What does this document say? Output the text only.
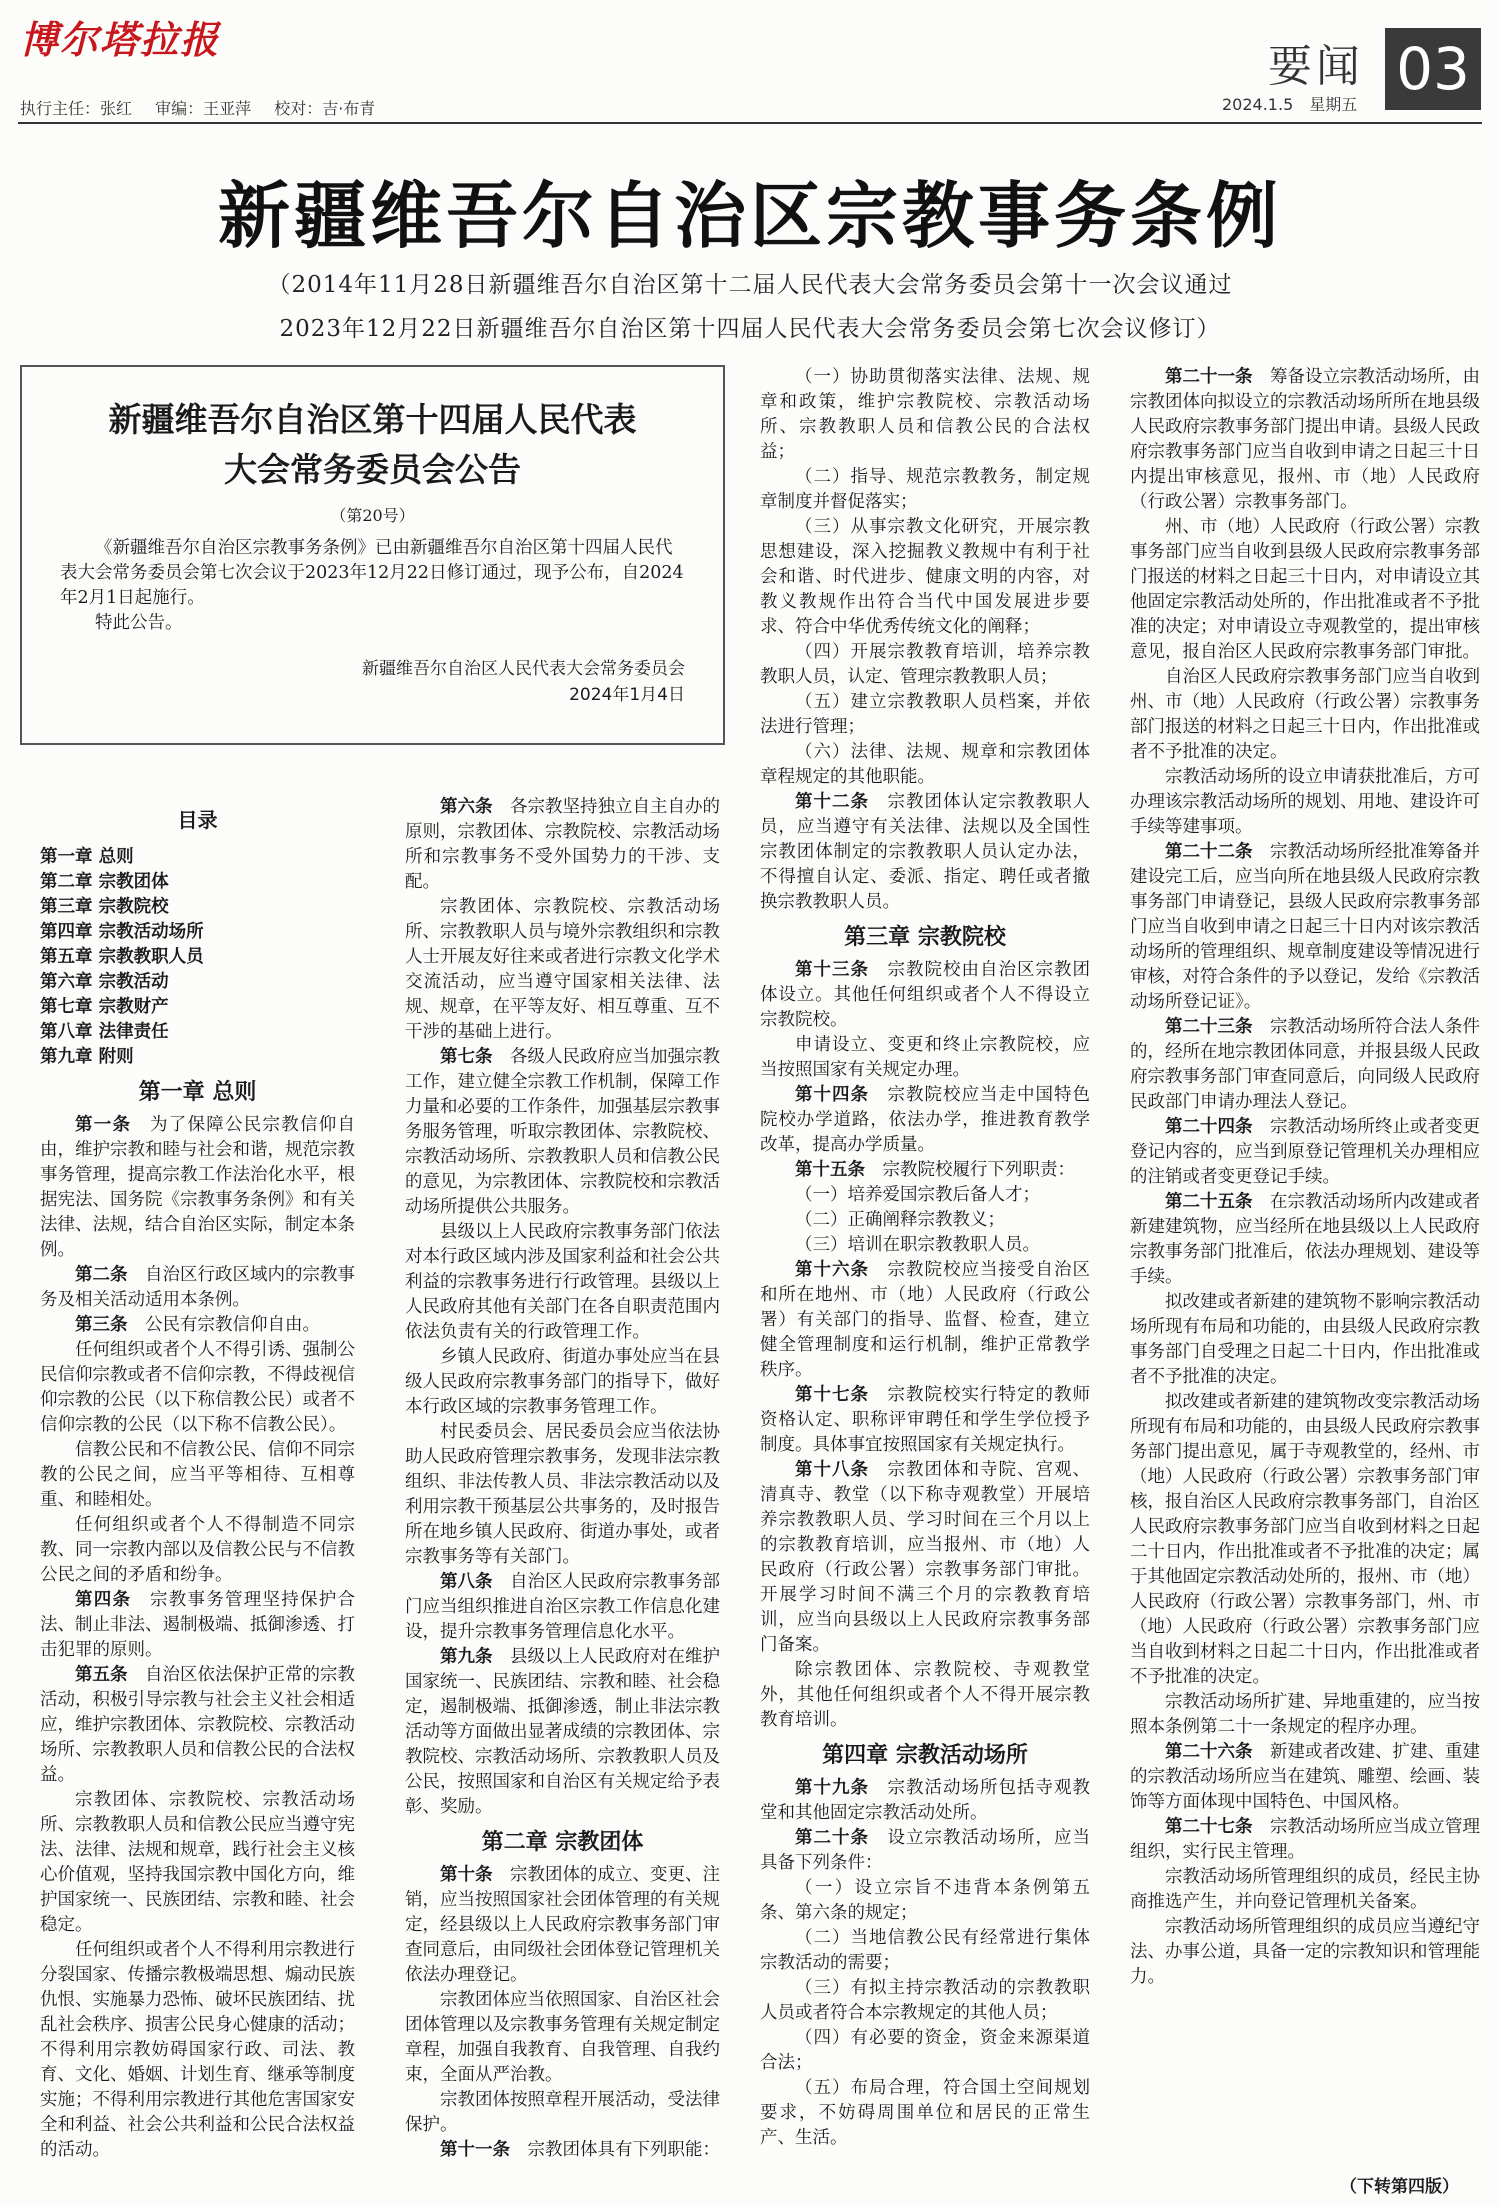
博尔塔拉报
执行主任：张红 审编：王亚萍 校对：吉·布青
要闻 03
2024.1.5　星期五
新疆维吾尔自治区宗教事务条例
（2014年11月28日新疆维吾尔自治区第十二届人民代表大会常务委员会第十一次会议通过
2023年12月22日新疆维吾尔自治区第十四届人民代表大会常务委员会第七次会议修订）
新疆维吾尔自治区第十四届人民代表
大会常务委员会公告
（第20号）

《新疆维吾尔自治区宗教事务条例》已由新疆维吾尔自治区第十四届人民代表大会常务委员会第七次会议于2023年12月22日修订通过，现予公布，自2024年2月1日起施行。

特此公告。

新疆维吾尔自治区人民代表大会常务委员会
2024年1月4日
目录
第一章 总则
第二章 宗教团体
第三章 宗教院校
第四章 宗教活动场所
第五章 宗教教职人员
第六章 宗教活动
第七章 宗教财产
第八章 法律责任
第九章 附则
第一章 总则

第一条　 为了保障公民宗教信仰自由，维护宗教和睦与社会和谐，规范宗教事务管理，提高宗教工作法治化水平，根据宪法、国务院《宗教事务条例》和有关法律、法规，结合自治区实际，制定本条例。

第二条　 自治区行政区域内的宗教事务及相关活动适用本条例。

第三条　 公民有宗教信仰自由。

任何组织或者个人不得引诱、强制公民信仰宗教或者不信仰宗教，不得歧视信仰宗教的公民（以下称信教公民）或者不信仰宗教的公民（以下称不信教公民）。

信教公民和不信教公民、信仰不同宗教的公民之间，应当平等相待、互相尊重、和睦相处。

任何组织或者个人不得制造不同宗教、同一宗教内部以及信教公民与不信教公民之间的矛盾和纷争。

第四条　 宗教事务管理坚持保护合法、制止非法、遏制极端、抵御渗透、打击犯罪的原则。

第五条　 自治区依法保护正常的宗教活动，积极引导宗教与社会主义社会相适应，维护宗教团体、宗教院校、宗教活动场所、宗教教职人员和信教公民的合法权益。

宗教团体、宗教院校、宗教活动场所、宗教教职人员和信教公民应当遵守宪法、法律、法规和规章，践行社会主义核心价值观，坚持我国宗教中国化方向，维护国家统一、民族团结、宗教和睦、社会稳定。

任何组织或者个人不得利用宗教进行分裂国家、传播宗教极端思想、煽动民族仇恨、实施暴力恐怖、破坏民族团结、扰乱社会秩序、损害公民身心健康的活动；不得利用宗教妨碍国家行政、司法、教育、文化、婚姻、计划生育、继承等制度实施；不得利用宗教进行其他危害国家安全和利益、社会公共利益和公民合法权益的活动。

第六条　 各宗教坚持独立自主自办的原则，宗教团体、宗教院校、宗教活动场所和宗教事务不受外国势力的干涉、支配。

宗教团体、宗教院校、宗教活动场所、宗教教职人员与境外宗教组织和宗教人士开展友好往来或者进行宗教文化学术交流活动，应当遵守国家相关法律、法规、规章，在平等友好、相互尊重、互不干涉的基础上进行。

第七条　 各级人民政府应当加强宗教工作，建立健全宗教工作机制，保障工作力量和必要的工作条件，加强基层宗教事务服务管理，听取宗教团体、宗教院校、宗教活动场所、宗教教职人员和信教公民的意见，为宗教团体、宗教院校和宗教活动场所提供公共服务。

县级以上人民政府宗教事务部门依法对本行政区域内涉及国家利益和社会公共利益的宗教事务进行行政管理。县级以上人民政府其他有关部门在各自职责范围内依法负责有关的行政管理工作。

乡镇人民政府、街道办事处应当在县级人民政府宗教事务部门的指导下，做好本行政区域的宗教事务管理工作。

村民委员会、居民委员会应当依法协助人民政府管理宗教事务，发现非法宗教组织、非法传教人员、非法宗教活动以及利用宗教干预基层公共事务的，及时报告所在地乡镇人民政府、街道办事处，或者宗教事务等有关部门。

第八条　 自治区人民政府宗教事务部门应当组织推进自治区宗教工作信息化建设，提升宗教事务管理信息化水平。

第九条　 县级以上人民政府对在维护国家统一、民族团结、宗教和睦、社会稳定，遏制极端、抵御渗透，制止非法宗教活动等方面做出显著成绩的宗教团体、宗教院校、宗教活动场所、宗教教职人员及公民，按照国家和自治区有关规定给予表彰、奖励。

第二章 宗教团体

第十条　 宗教团体的成立、变更、注销，应当按照国家社会团体管理的有关规定，经县级以上人民政府宗教事务部门审查同意后，由同级社会团体登记管理机关依法办理登记。

宗教团体应当依照国家、自治区社会团体管理以及宗教事务管理有关规定制定章程，加强自我教育、自我管理、自我约束，全面从严治教。

宗教团体按照章程开展活动，受法律保护。

第十一条　 宗教团体具有下列职能：

（一）协助贯彻落实法律、法规、规章和政策，维护宗教院校、宗教活动场所、宗教教职人员和信教公民的合法权益；

（二）指导、规范宗教教务，制定规章制度并督促落实；

（三）从事宗教文化研究，开展宗教思想建设，深入挖掘教义教规中有利于社会和谐、时代进步、健康文明的内容，对教义教规作出符合当代中国发展进步要求、符合中华优秀传统文化的阐释；

（四）开展宗教教育培训，培养宗教教职人员，认定、管理宗教教职人员；

（五）建立宗教教职人员档案，并依法进行管理；

（六）法律、法规、规章和宗教团体章程规定的其他职能。

第十二条　 宗教团体认定宗教教职人员，应当遵守有关法律、法规以及全国性宗教团体制定的宗教教职人员认定办法，不得擅自认定、委派、指定、聘任或者撤换宗教教职人员。

第三章 宗教院校

第十三条　 宗教院校由自治区宗教团体设立。其他任何组织或者个人不得设立宗教院校。

申请设立、变更和终止宗教院校，应当按照国家有关规定办理。

第十四条　 宗教院校应当走中国特色院校办学道路，依法办学，推进教育教学改革，提高办学质量。

第十五条　 宗教院校履行下列职责：

（一）培养爱国宗教后备人才；

（二）正确阐释宗教教义；

（三）培训在职宗教教职人员。

第十六条　 宗教院校应当接受自治区和所在地州、市（地）人民政府（行政公署）有关部门的指导、监督、检查，建立健全管理制度和运行机制，维护正常教学秩序。

第十七条　 宗教院校实行特定的教师资格认定、职称评审聘任和学生学位授予制度。具体事宜按照国家有关规定执行。

第十八条　 宗教团体和寺院、宫观、清真寺、教堂（以下称寺观教堂）开展培养宗教教职人员、学习时间在三个月以上的宗教教育培训，应当报州、市（地）人民政府（行政公署）宗教事务部门审批。开展学习时间不满三个月的宗教教育培训，应当向县级以上人民政府宗教事务部门备案。

除宗教团体、宗教院校、寺观教堂外，其他任何组织或者个人不得开展宗教教育培训。

第四章 宗教活动场所

第十九条　 宗教活动场所包括寺观教堂和其他固定宗教活动处所。

第二十条　 设立宗教活动场所，应当具备下列条件：

（一）设立宗旨不违背本条例第五条、第六条的规定；

（二）当地信教公民有经常进行集体宗教活动的需要；

（三）有拟主持宗教活动的宗教教职人员或者符合本宗教规定的其他人员；

（四）有必要的资金，资金来源渠道合法；

（五）布局合理，符合国土空间规划要求，不妨碍周围单位和居民的正常生产、生活。

第二十一条　 筹备设立宗教活动场所，由宗教团体向拟设立的宗教活动场所所在地县级人民政府宗教事务部门提出申请。县级人民政府宗教事务部门应当自收到申请之日起三十日内提出审核意见，报州、市（地）人民政府（行政公署）宗教事务部门。

州、市（地）人民政府（行政公署）宗教事务部门应当自收到县级人民政府宗教事务部门报送的材料之日起三十日内，对申请设立其他固定宗教活动处所的，作出批准或者不予批准的决定；对申请设立寺观教堂的，提出审核意见，报自治区人民政府宗教事务部门审批。

自治区人民政府宗教事务部门应当自收到州、市（地）人民政府（行政公署）宗教事务部门报送的材料之日起三十日内，作出批准或者不予批准的决定。

宗教活动场所的设立申请获批准后，方可办理该宗教活动场所的规划、用地、建设许可手续等建事项。

第二十二条　 宗教活动场所经批准筹备并建设完工后，应当向所在地县级人民政府宗教事务部门申请登记，县级人民政府宗教事务部门应当自收到申请之日起三十日内对该宗教活动场所的管理组织、规章制度建设等情况进行审核，对符合条件的予以登记，发给《宗教活动场所登记证》。

第二十三条　 宗教活动场所符合法人条件的，经所在地宗教团体同意，并报县级人民政府宗教事务部门审查同意后，向同级人民政府民政部门申请办理法人登记。

第二十四条　 宗教活动场所终止或者变更登记内容的，应当到原登记管理机关办理相应的注销或者变更登记手续。

第二十五条　 在宗教活动场所内改建或者新建建筑物，应当经所在地县级以上人民政府宗教事务部门批准后，依法办理规划、建设等手续。

拟改建或者新建的建筑物不影响宗教活动场所现有布局和功能的，由县级人民政府宗教事务部门自受理之日起二十日内，作出批准或者不予批准的决定。

拟改建或者新建的建筑物改变宗教活动场所现有布局和功能的，由县级人民政府宗教事务部门提出意见，属于寺观教堂的，经州、市（地）人民政府（行政公署）宗教事务部门审核，报自治区人民政府宗教事务部门，自治区人民政府宗教事务部门应当自收到材料之日起二十日内，作出批准或者不予批准的决定；属于其他固定宗教活动处所的，报州、市（地）人民政府（行政公署）宗教事务部门，州、市（地）人民政府（行政公署）宗教事务部门应当自收到材料之日起二十日内，作出批准或者不予批准的决定。

宗教活动场所扩建、异地重建的，应当按照本条例第二十一条规定的程序办理。

第二十六条　 新建或者改建、扩建、重建的宗教活动场所应当在建筑、雕塑、绘画、装饰等方面体现中国特色、中国风格。

第二十七条　 宗教活动场所应当成立管理组织，实行民主管理。

宗教活动场所管理组织的成员，经民主协商推选产生，并向登记管理机关备案。

宗教活动场所管理组织的成员应当遵纪守法、办事公道，具备一定的宗教知识和管理能力。

（下转第四版）
